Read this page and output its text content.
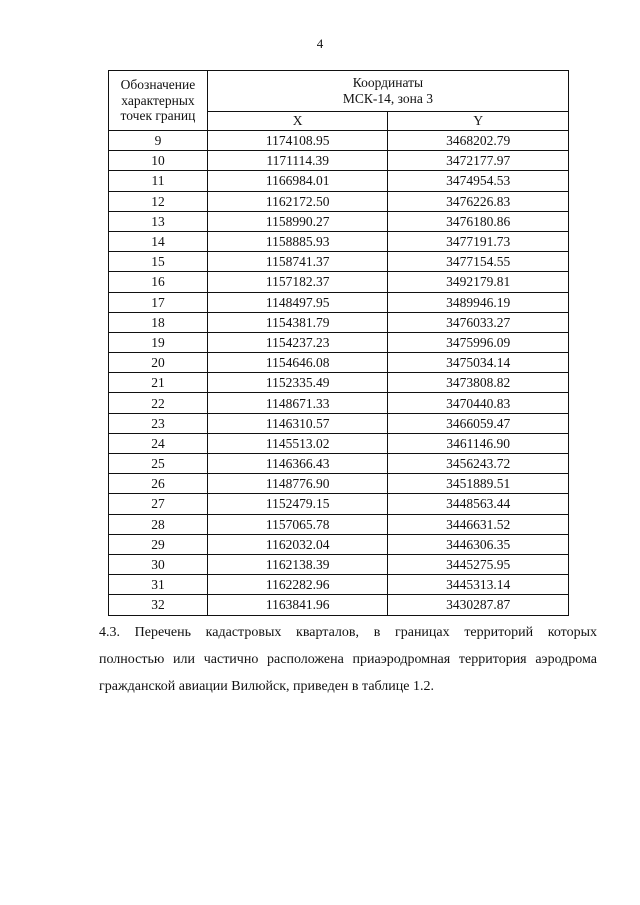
4
Обозначение
характерных
точек границ	Координаты
МСК-14, зона 3	
	X	Y
9	1174108.95	3468202.79
10	1171114.39	3472177.97
11	1166984.01	3474954.53
12	1162172.50	3476226.83
13	1158990.27	3476180.86
14	1158885.93	3477191.73
15	1158741.37	3477154.55
16	1157182.37	3492179.81
17	1148497.95	3489946.19
18	1154381.79	3476033.27
19	1154237.23	3475996.09
20	1154646.08	3475034.14
21	1152335.49	3473808.82
22	1148671.33	3470440.83
23	1146310.57	3466059.47
24	1145513.02	3461146.90
25	1146366.43	3456243.72
26	1148776.90	3451889.51
27	1152479.15	3448563.44
28	1157065.78	3446631.52
29	1162032.04	3446306.35
30	1162138.39	3445275.95
31	1162282.96	3445313.14
32	1163841.96	3430287.87
4.3. Перечень кадастровых кварталов, в границах территорий которых
полностью или частично расположена приаэродромная территория аэродрома
гражданской авиации Вилюйск, приведен в таблице 1.2.
